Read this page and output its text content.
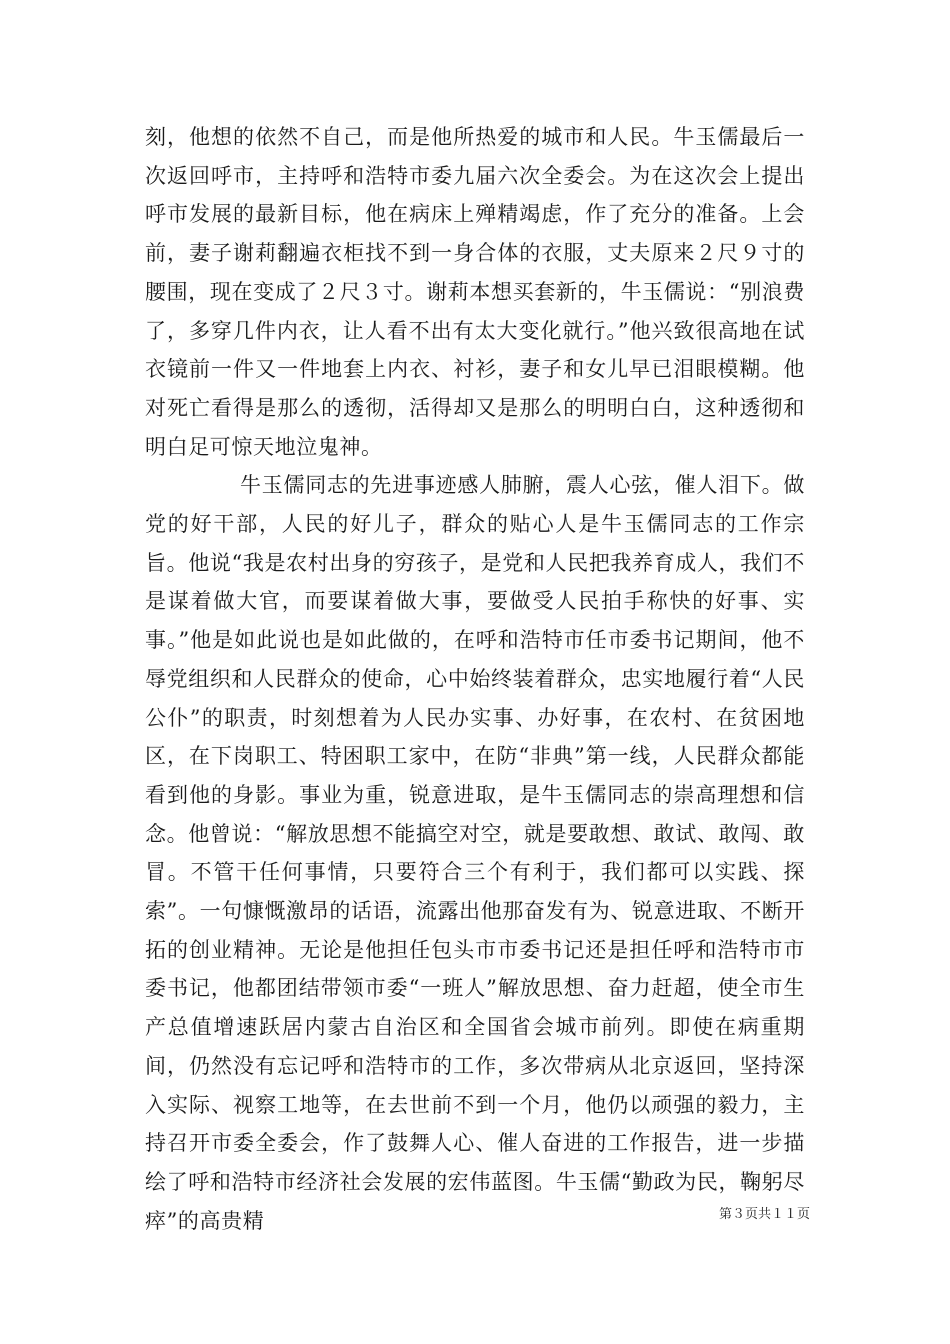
刻，他想的依然不自己，而是他所热爱的城市和人民。牛玉儒最后一次返回呼市，主持呼和浩特市委九届六次全委会。为在这次会上提出呼市发展的最新目标，他在病床上殚精竭虑，作了充分的准备。上会前，妻子谢莉翻遍衣柜找不到一身合体的衣服，丈夫原来２尺９寸的腰围，现在变成了２尺３寸。谢莉本想买套新的，牛玉儒说：“别浪费了，多穿几件内衣，让人看不出有太大变化就行。”他兴致很高地在试衣镜前一件又一件地套上内衣、衬衫，妻子和女儿早已泪眼模糊。他对死亡看得是那么的透彻，活得却又是那么的明明白白，这种透彻和明白足可惊天地泣鬼神。

牛玉儒同志的先进事迹感人肺腑，震人心弦，催人泪下。做党的好干部，人民的好儿子，群众的贴心人是牛玉儒同志的工作宗旨。他说“我是农村出身的穷孩子，是党和人民把我养育成人，我们不是谋着做大官，而要谋着做大事，要做受人民拍手称快的好事、实事。”他是如此说也是如此做的，在呼和浩特市任市委书记期间，他不辱党组织和人民群众的使命，心中始终装着群众，忠实地履行着“人民公仆”的职责，时刻想着为人民办实事、办好事，在农村、在贫困地区，在下岗职工、特困职工家中，在防“非典”第一线，人民群众都能看到他的身影。事业为重，锐意进取，是牛玉儒同志的崇高理想和信念。他曾说：“解放思想不能搞空对空，就是要敢想、敢试、敢闯、敢冒。不管干任何事情，只要符合三个有利于，我们都可以实践、探索”。一句慷慨激昂的话语，流露出他那奋发有为、锐意进取、不断开拓的创业精神。无论是他担任包头市市委书记还是担任呼和浩特市市委书记，他都团结带领市委“一班人”解放思想、奋力赶超，使全市生产总值增速跃居内蒙古自治区和全国省会城市前列。即使在病重期间，仍然没有忘记呼和浩特市的工作，多次带病从北京返回，坚持深入实际、视察工地等，在去世前不到一个月，他仍以顽强的毅力，主持召开市委全委会，作了鼓舞人心、催人奋进的工作报告，进一步描绘了呼和浩特市经济社会发展的宏伟蓝图。牛玉儒“勤政为民，鞠躬尽瘁”的高贵精	第３页共１１页
